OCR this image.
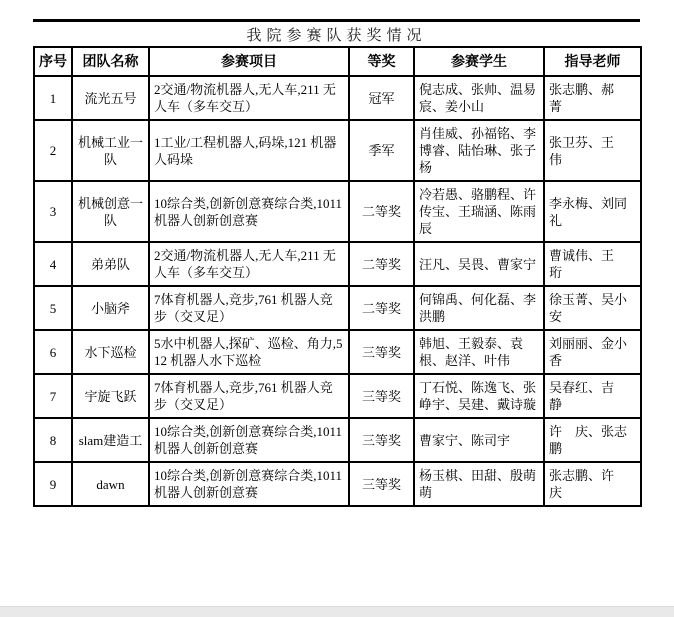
我院参赛队获奖情况
序号	团队名称	参赛项目	等奖	参赛学生	指导老师

1	流光五号	2交通/物流机器人,无人车,211 无人车（多车交互）	冠军	倪志成、张帅、温易宸、姜小山	张志鹏、郝　菁

2	机械工业一队	1工业/工程机器人,码垛,121 机器人码垛	季军	肖佳威、孙福铭、李博睿、陆怡琳、张子杨	张卫芬、王　伟

3	机械创意一队	10综合类,创新创意赛综合类,1011 机器人创新创意赛	二等奖	冷若愚、骆鹏程、许传宝、王瑞涵、陈雨辰	李永梅、刘同礼

4	弟弟队	2交通/物流机器人,无人车,211 无人车（多车交互）	二等奖	汪凡、吴畏、曹家宁	曹诚伟、王　珩

5	小脑斧	7体育机器人,竞步,761 机器人竞步（交叉足）	二等奖	何锦禹、何化磊、李洪鹏	徐玉菁、吴小安

6	水下巡检	5水中机器人,探矿、巡检、角力,512 机器人水下巡检	三等奖	韩旭、王毅泰、袁根、赵洋、叶伟	刘丽丽、金小香

7	宇旋飞跃	7体育机器人,竞步,761 机器人竞步（交叉足）	三等奖	丁石悦、陈逸飞、张峥宇、吴建、戴诗璇	吴春红、吉　静

8	slam建造工	10综合类,创新创意赛综合类,1011 机器人创新创意赛	三等奖	曹家宁、陈司宇	许　庆、张志鹏

9	dawn	10综合类,创新创意赛综合类,1011 机器人创新创意赛	三等奖	杨玉棋、田甜、殷萌萌	张志鹏、许　庆
